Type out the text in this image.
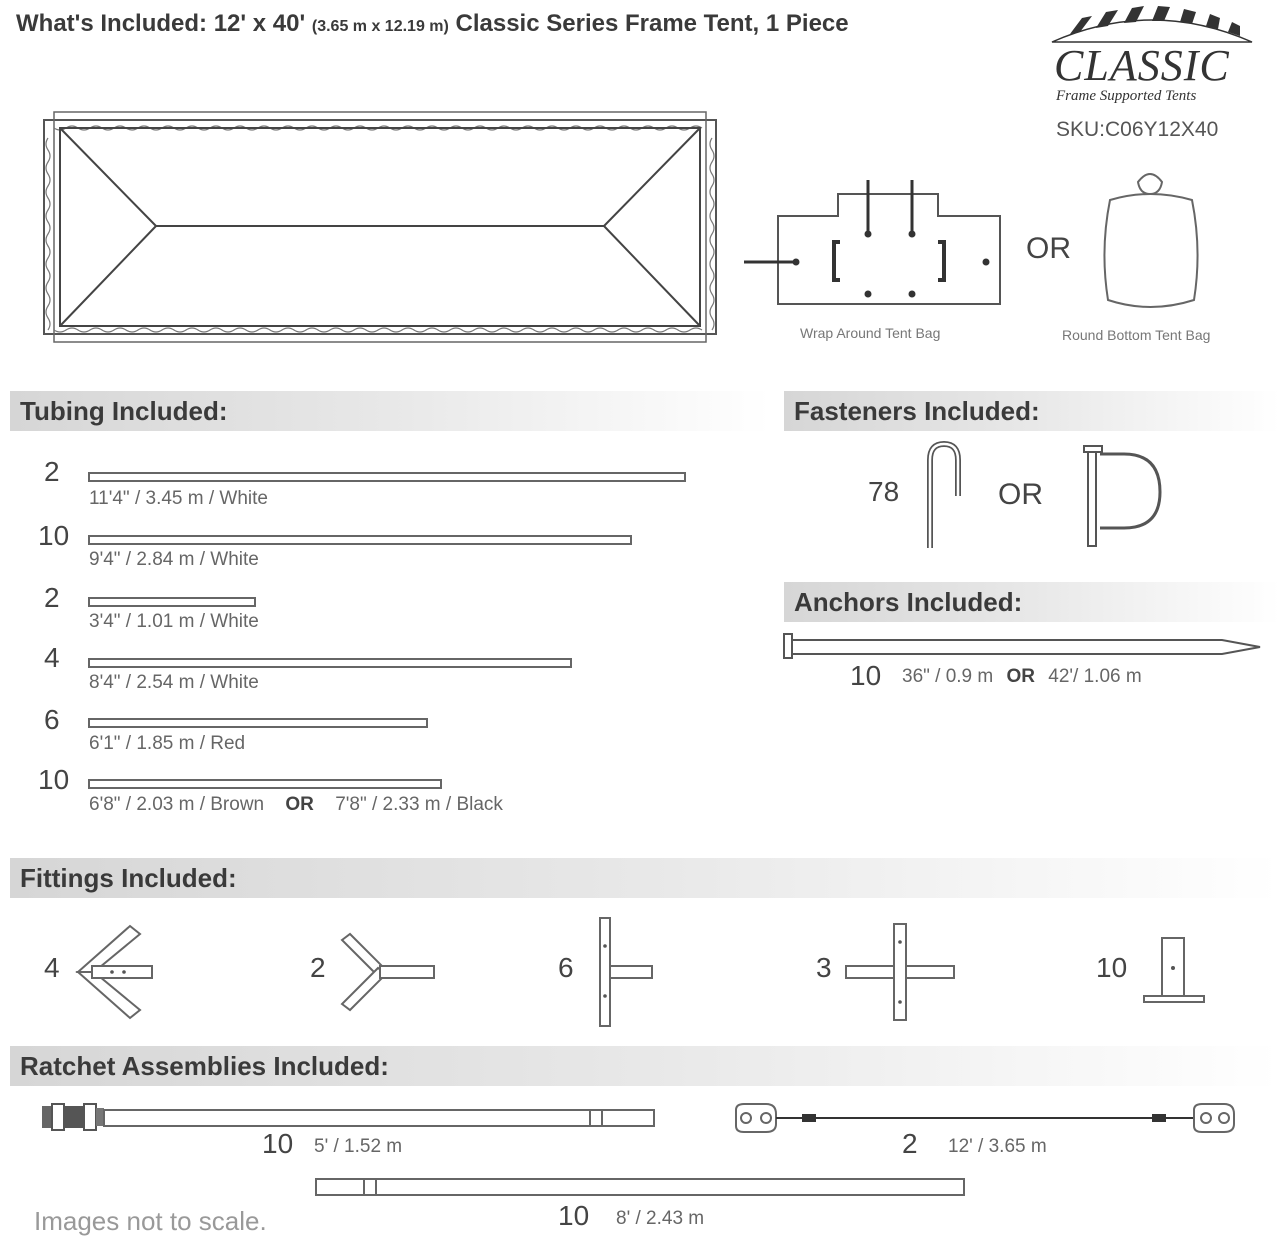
What's Included: 12' x 40' (3.65 m x 12.19 m) Classic Series Frame Tent, 1 Piece
CLASSIC
Frame Supported Tents
SKU:C06Y12X40
Wrap Around Tent Bag
OR
Round Bottom Tent Bag
Tubing Included:
2
11'4" / 3.45 m / White
10
9'4" / 2.84 m / White
2
3'4" / 1.01 m / White
4
8'4" / 2.54 m / White
6
6'1" / 1.85 m / Red
10
6'8" / 2.03 m / Brown OR 7'8" / 2.33 m / Black
Fasteners Included:
78	OR
Anchors Included:
10 36" / 0.9 m OR 42'/ 1.06 m
Fittings Included:
4	2	6	3	10
Ratchet Assemblies Included:
10 5' / 1.52 m	2 12' / 3.65 m
10 8' / 2.43 m
Images not to scale.
